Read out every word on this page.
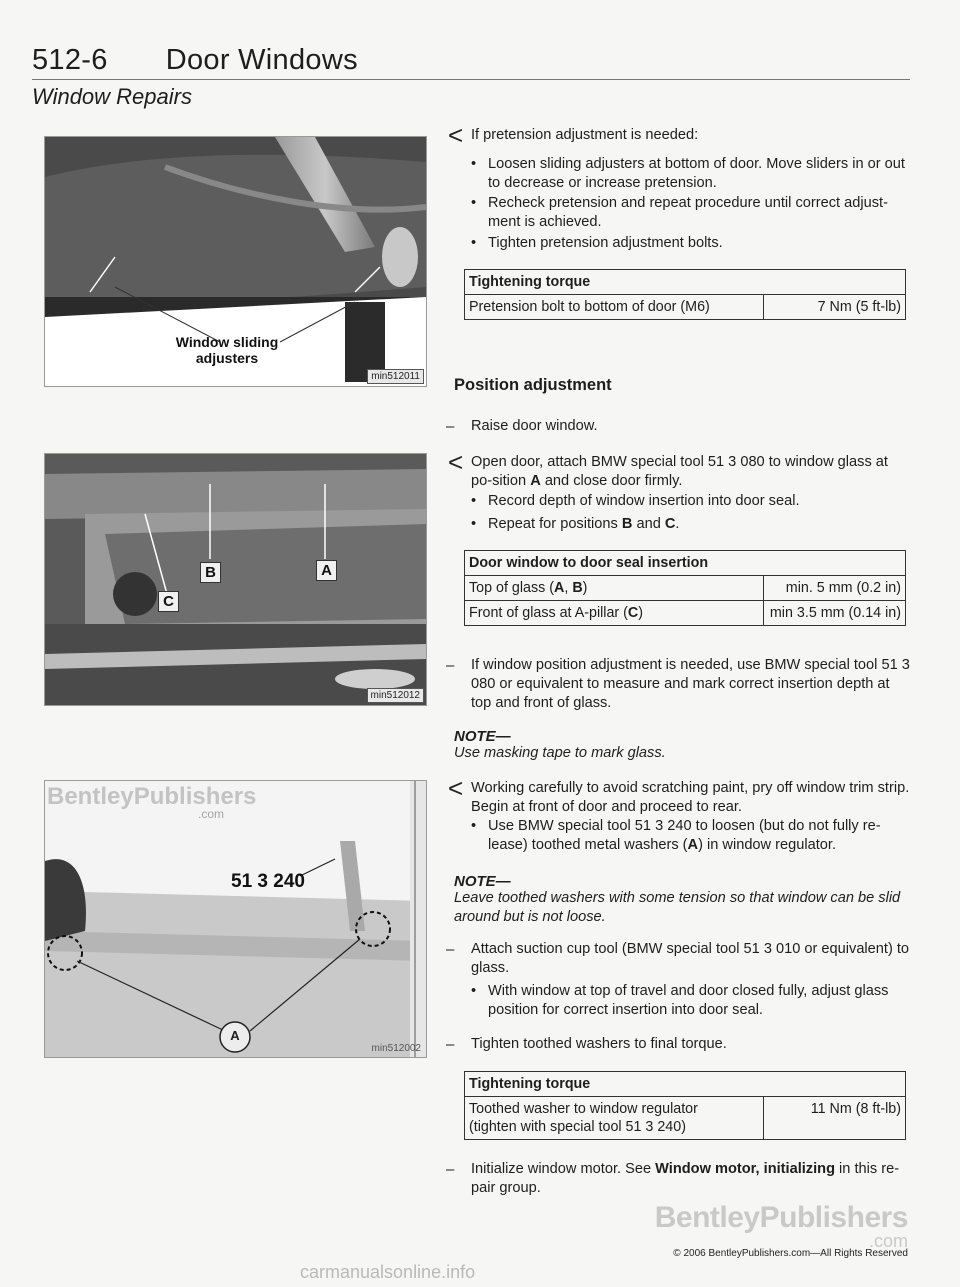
512-6	Door Windows
Window Repairs
Window sliding
adjusters
min512011
B	A
C
min512012
BentleyPublishers
.com
51 3 240
A
min512002
< If pretension adjustment is needed:
• Loosen sliding adjusters at bottom of door. Move sliders in or out to decrease or increase pretension.
• Recheck pretension and repeat procedure until correct adjust-ment is achieved.
• Tighten pretension adjustment bolts.
Tightening torque
Pretension bolt to bottom of door (M6)	7 Nm (5 ft-lb)
Position adjustment
– Raise door window.
< Open door, attach BMW special tool 51 3 080 to window glass at po-sition A and close door firmly.
• Record depth of window insertion into door seal.
• Repeat for positions B and C.
Door window to door seal insertion	
Top of glass (A, B)	min. 5 mm (0.2 in)
Front of glass at A-pillar (C)	min 3.5 mm (0.14 in)
– If window position adjustment is needed, use BMW special tool 51 3 080 or equivalent to measure and mark correct insertion depth at top and front of glass.
NOTE—
Use masking tape to mark glass.
< Working carefully to avoid scratching paint, pry off window trim strip. Begin at front of door and proceed to rear.
• Use BMW special tool 51 3 240 to loosen (but do not fully re-lease) toothed metal washers (A) in window regulator.
NOTE—
Leave toothed washers with some tension so that window can be slid around but is not loose.
– Attach suction cup tool (BMW special tool 51 3 010 or equivalent) to glass.
• With window at top of travel and door closed fully, adjust glass position for correct insertion into door seal.
– Tighten toothed washers to final torque.
Tightening torque

Toothed washer to window regulator
(tighten with special tool 51 3 240)
	11 Nm (8 ft-lb)
– Initialize window motor. See Window motor, initializing in this re-pair group.
BentleyPublishers
.com
© 2006 BentleyPublishers.com—All Rights Reserved
carmanualsonline.info
